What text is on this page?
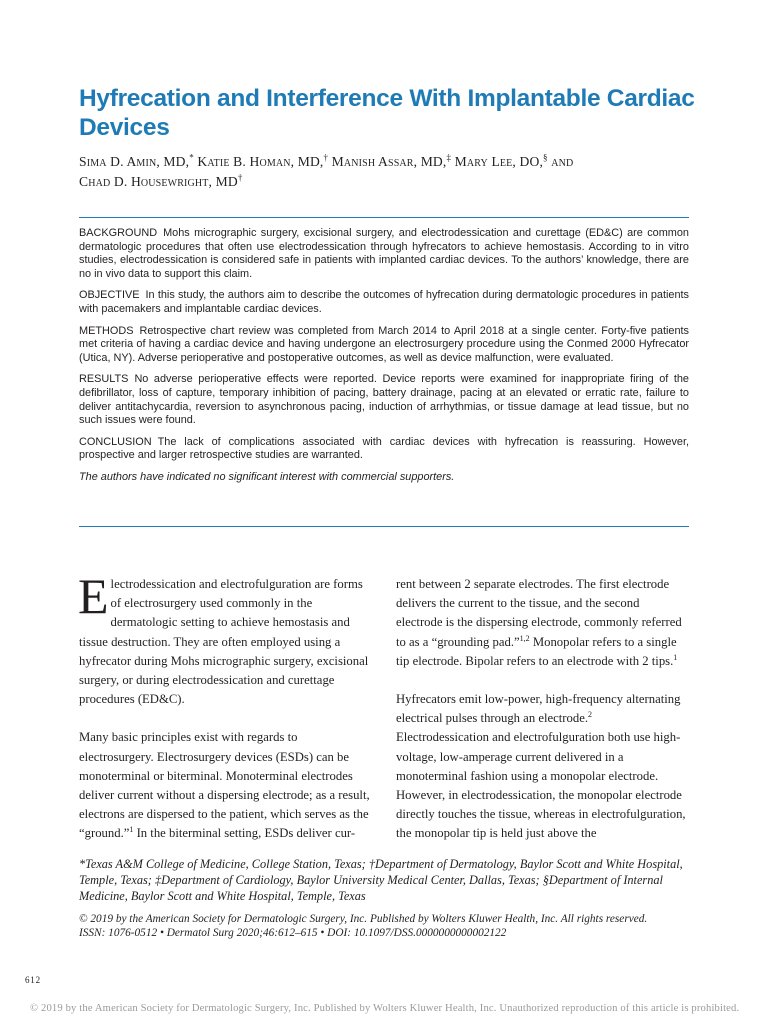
Hyfrecation and Interference With Implantable Cardiac Devices
Sima D. Amin, MD,* Katie B. Homan, MD,† Manish Assar, MD,‡ Mary Lee, DO,§ and
Chad D. Housewright, MD†

BACKGROUND Mohs micrographic surgery, excisional surgery, and electrodessication and curettage (ED&C) are common dermatologic procedures that often use electrodessication through hyfrecators to achieve hemostasis. According to in vitro studies, electrodessication is considered safe in patients with implanted cardiac devices. To the authors’ knowledge, there are no in vivo data to support this claim.

OBJECTIVE In this study, the authors aim to describe the outcomes of hyfrecation during dermatologic procedures in patients with pacemakers and implantable cardiac devices.

METHODS Retrospective chart review was completed from March 2014 to April 2018 at a single center. Forty-five patients met criteria of having a cardiac device and having undergone an electrosurgery procedure using the Conmed 2000 Hyfrecator (Utica, NY). Adverse perioperative and postoperative outcomes, as well as device malfunction, were evaluated.

RESULTS No adverse perioperative effects were reported. Device reports were examined for inappropriate firing of the defibrillator, loss of capture, temporary inhibition of pacing, battery drainage, pacing at an elevated or erratic rate, failure to deliver antitachycardia, reversion to asynchronous pacing, induction of arrhythmias, or tissue damage at lead tissue, but no such issues were found.

CONCLUSION The lack of complications associated with cardiac devices with hyfrecation is reassuring. However, prospective and larger retrospective studies are warranted.

The authors have indicated no significant interest with commercial supporters.

Electrodessication and electrofulguration are forms of electrosurgery used commonly in the dermatologic setting to achieve hemostasis and tissue destruction. They are often employed using a hyfrecator during Mohs micrographic surgery, excisional surgery, or during electrodessication and curettage procedures (ED&C).

Many basic principles exist with regards to electrosurgery. Electrosurgery devices (ESDs) can be monoterminal or biterminal. Monoterminal electrodes deliver current without a dispersing electrode; as a result, electrons are dispersed to the patient, which serves as the “ground.”$^1$ In the biterminal setting, ESDs deliver cur-

rent between 2 separate electrodes. The first electrode delivers the current to the tissue, and the second electrode is the dispersing electrode, commonly referred to as a “grounding pad.”$^{1,2}$ Monopolar refers to a single tip electrode. Bipolar refers to an electrode with 2 tips.$^1$

Hyfrecators emit low-power, high-frequency alternating electrical pulses through an electrode.$^2$ Electrodessication and electrofulguration both use high-voltage, low-amperage current delivered in a monoterminal fashion using a monopolar electrode. However, in electrodessication, the monopolar electrode directly touches the tissue, whereas in electrofulguration, the monopolar tip is held just above the

*Texas A&M College of Medicine, College Station, Texas; †Department of Dermatology, Baylor Scott and White Hospital, Temple, Texas; ‡Department of Cardiology, Baylor University Medical Center, Dallas, Texas; §Department of Internal Medicine, Baylor Scott and White Hospital, Temple, Texas
© 2019 by the American Society for Dermatologic Surgery, Inc. Published by Wolters Kluwer Health, Inc. All rights reserved.
ISSN: 1076-0512 • Dermatol Surg 2020;46:612–615 • DOI: 10.1097/DSS.0000000000002122
612
© 2019 by the American Society for Dermatologic Surgery, Inc. Published by Wolters Kluwer Health, Inc. Unauthorized reproduction of this article is prohibited.
